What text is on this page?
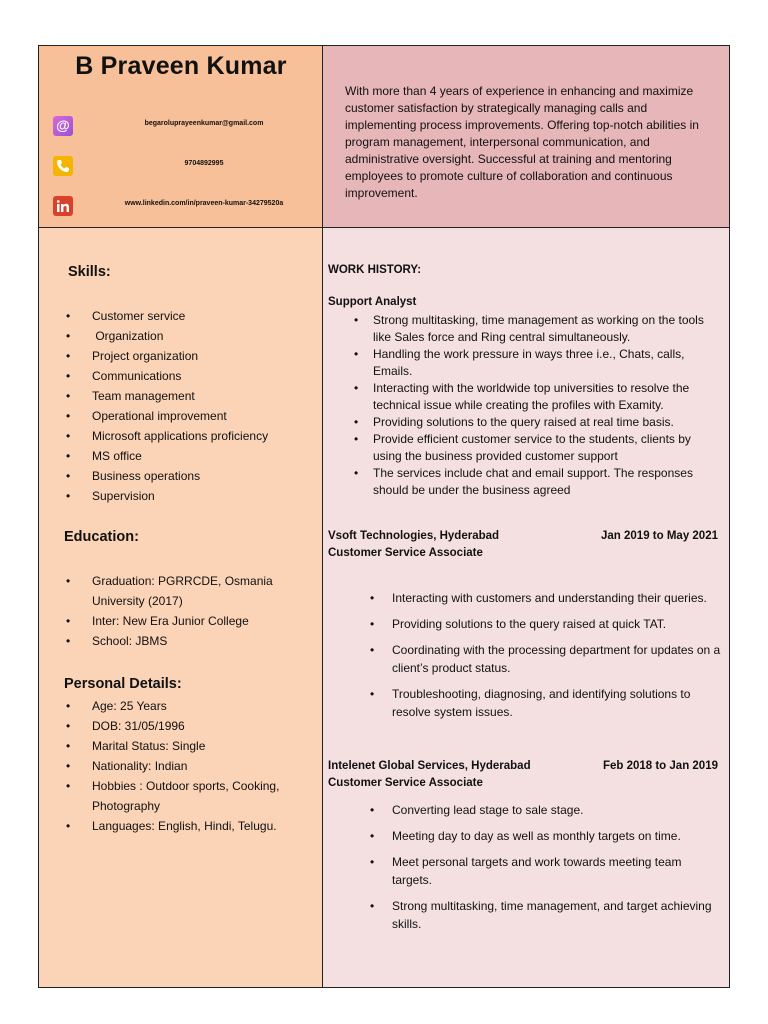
B Praveen Kumar
@	begaroluprayeenkumar@gmail.com
9704892995
www.linkedin.com/in/praveen-kumar-34279520a
With more than 4 years of experience in enhancing and maximize customer satisfaction by strategically managing calls and implementing process improvements. Offering top-notch abilities in program management, interpersonal communication, and administrative oversight. Successful at training and mentoring employees to promote culture of collaboration and continuous improvement.
Skills:
• Customer service
•  Organization
• Project organization
• Communications
• Team management
• Operational improvement
• Microsoft applications proficiency
• MS office
• Business operations
• Supervision
Education:
• Graduation: PGRRCDE, Osmania University (2017)
• Inter: New Era Junior College
• School: JBMS
Personal Details:
• Age: 25 Years
• DOB: 31/05/1996
• Marital Status: Single
• Nationality: Indian
• Hobbies : Outdoor sports, Cooking, Photography
• Languages: English, Hindi, Telugu.
WORK HISTORY:
Support Analyst
• Strong multitasking, time management as working on the tools like Sales force and Ring central simultaneously.
• Handling the work pressure in ways three i.e., Chats, calls, Emails.
• Interacting with the worldwide top universities to resolve the technical issue while creating the profiles with Examity.
• Providing solutions to the query raised at real time basis.
• Provide efficient customer service to the students, clients by using the business provided customer support
• The services include chat and email support. The responses should be under the business agreed
Vsoft Technologies, Hyderabad	Jan 2019 to May 2021
Customer Service Associate
• Interacting with customers and understanding their queries.
• Providing solutions to the query raised at quick TAT.
• Coordinating with the processing department for updates on a client’s product status.
• Troubleshooting, diagnosing, and identifying solutions to resolve system issues.
Intelenet Global Services, Hyderabad	Feb 2018 to Jan 2019
Customer Service Associate
• Converting lead stage to sale stage.
• Meeting day to day as well as monthly targets on time.
• Meet personal targets and work towards meeting team targets.
• Strong multitasking, time management, and target achieving skills.
